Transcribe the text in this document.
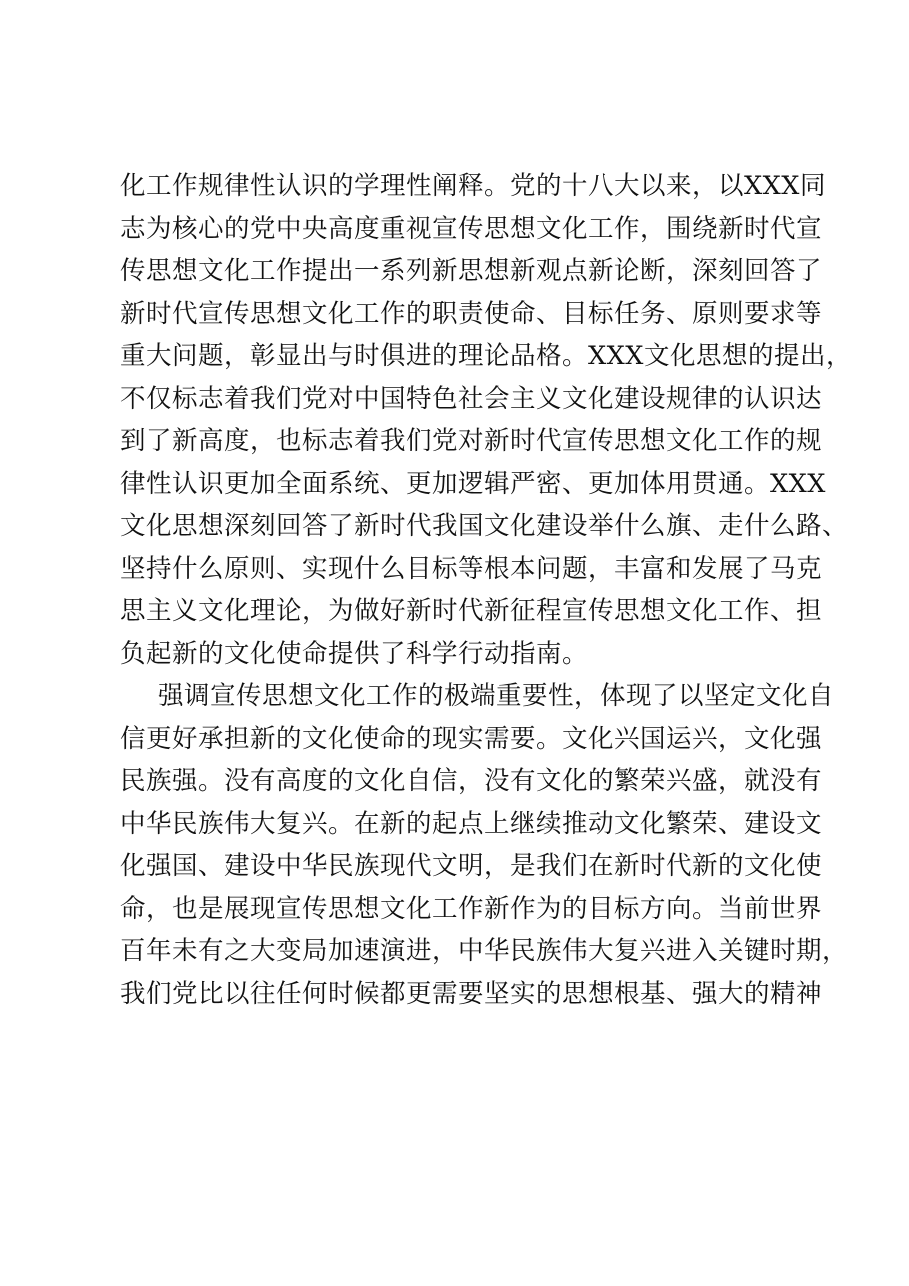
化工作规律性认识的学理性阐释。党的十八大以来，以XXX同
志为核心的党中央高度重视宣传思想文化工作，围绕新时代宣
传思想文化工作提出一系列新思想新观点新论断，深刻回答了
新时代宣传思想文化工作的职责使命、目标任务、原则要求等
重大问题，彰显出与时俱进的理论品格。XXX文化思想的提出，
不仅标志着我们党对中国特色社会主义文化建设规律的认识达
到了新高度，也标志着我们党对新时代宣传思想文化工作的规
律性认识更加全面系统、更加逻辑严密、更加体用贯通。XXX
文化思想深刻回答了新时代我国文化建设举什么旗、走什么路、
坚持什么原则、实现什么目标等根本问题，丰富和发展了马克
思主义文化理论，为做好新时代新征程宣传思想文化工作、担
负起新的文化使命提供了科学行动指南。
强调宣传思想文化工作的极端重要性，体现了以坚定文化自
信更好承担新的文化使命的现实需要。文化兴国运兴，文化强
民族强。没有高度的文化自信，没有文化的繁荣兴盛，就没有
中华民族伟大复兴。在新的起点上继续推动文化繁荣、建设文
化强国、建设中华民族现代文明，是我们在新时代新的文化使
命，也是展现宣传思想文化工作新作为的目标方向。当前世界
百年未有之大变局加速演进，中华民族伟大复兴进入关键时期，
我们党比以往任何时候都更需要坚实的思想根基、强大的精神
